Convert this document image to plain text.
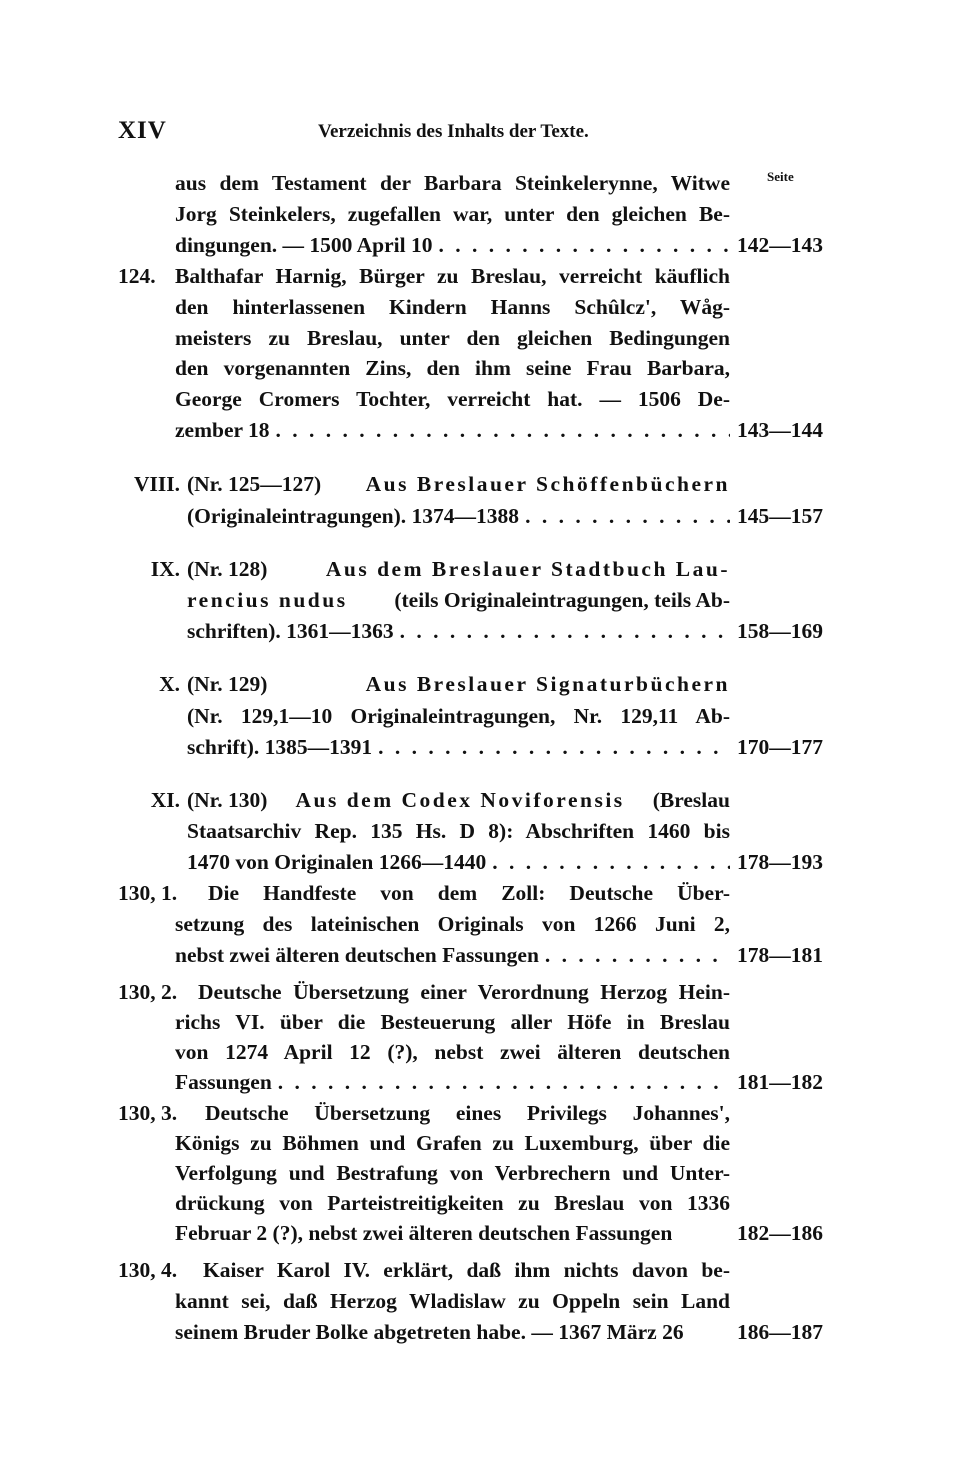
XIV	Verzeichnis des Inhalts der Texte.
Seite
aus dem Testament der Barbara Steinkelerynne, Witwe
Jorg Steinkelers, zugefallen war, unter den gleichen Be-
dingungen. — 1500 April 10 . . .	142—143
124. Balthafar Harnig, Bürger zu Breslau, verreicht käuflich
den hinterlassenen Kindern Hanns Schûlcz', Wåg-
meisters zu Breslau, unter den gleichen Bedingungen
den vorgenannten Zins, den ihm seine Frau Barbara,
George Cromers Tochter, verreicht hat. — 1506 De-
zember 18 . . .	143—144
VIII. (Nr. 125—127) Aus Breslauer Schöffenbüchern
(Originaleintragungen). 1374—1388 . . .	145—157
IX. (Nr. 128)	Aus dem Breslauer Stadtbuch Lau-
rencius nudus (teils Originaleintragungen, teils Ab-
schriften). 1361—1363 . . .	158—169
X. (Nr. 129)	Aus Breslauer Signaturbüchern
(Nr. 129,1—10 Originaleintragungen, Nr. 129,11 Ab-
schrift). 1385—1391 . . .	170—177
XI. (Nr. 130) Aus dem Codex Noviforensis (Breslau
Staatsarchiv Rep. 135 Hs. D 8): Abschriften 1460 bis
1470 von Originalen 1266—1440 . . .	178—193
130, 1.	Die Handfeste von dem Zoll: Deutsche Über-
setzung des lateinischen Originals von 1266 Juni 2,
nebst zwei älteren deutschen Fassungen . . .	178—181
130, 2. Deutsche Übersetzung einer Verordnung Herzog Hein-
richs VI. über die Besteuerung aller Höfe in Breslau
von 1274 April 12 (?), nebst zwei älteren deutschen
Fassungen . . .	181—182
130, 3.	Deutsche Übersetzung eines Privilegs Johannes',
Königs zu Böhmen und Grafen zu Luxemburg, über die
Verfolgung und Bestrafung von Verbrechern und Unter-
drückung von Parteistreitigkeiten zu Breslau von 1336
Februar 2 (?), nebst zwei älteren deutschen Fassungen	182—186
130, 4.	Kaiser Karol IV. erklärt, daß ihm nichts davon be-
kannt sei, daß Herzog Wladislaw zu Oppeln sein Land
seinem Bruder Bolke abgetreten habe. — 1367 März 26	186—187
